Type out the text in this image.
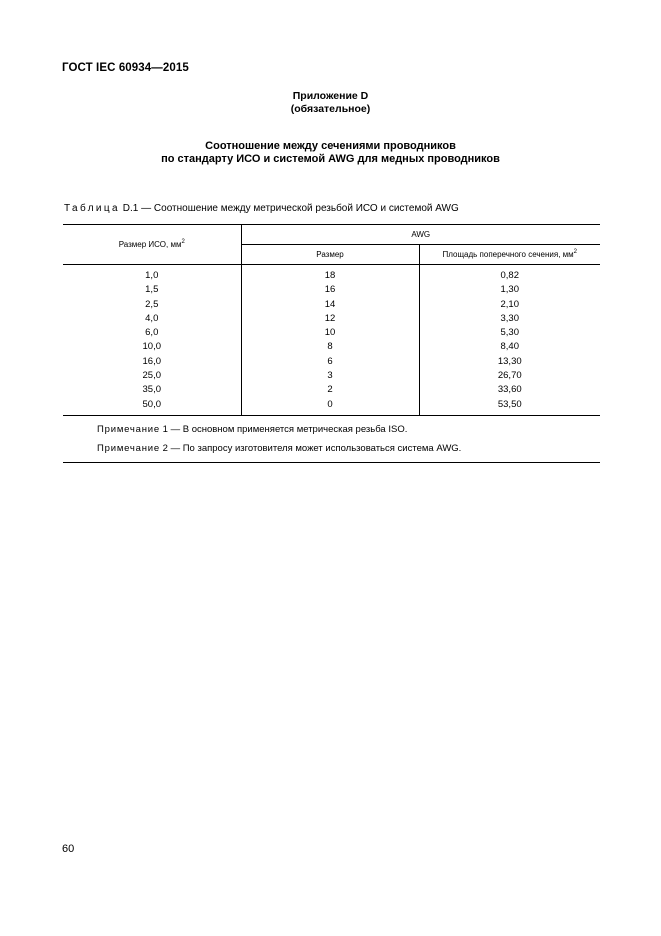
ГОСТ IEC 60934—2015
Приложение D
(обязательное)
Соотношение между сечениями проводников
по стандарту ИСО и системой AWG для медных проводников
Таблица D.1 — Соотношение между метрической резьбой ИСО и системой AWG
Размер ИСО, $мм^2$	AWG	
	Размер	Площадь поперечного сечения, $мм^2$
1,0	18	0,82
1,5	16	1,30
2,5	14	2,10
4,0	12	3,30
6,0	10	5,30
10,0	8	8,40
16,0	6	13,30
25,0	3	26,70
35,0	2	33,60
50,0	0	53,50
Примечание 1 — В основном применяется метрическая резьба ISO.		
Примечание 2 — По запросу изготовителя может использоваться система AWG.		
60
